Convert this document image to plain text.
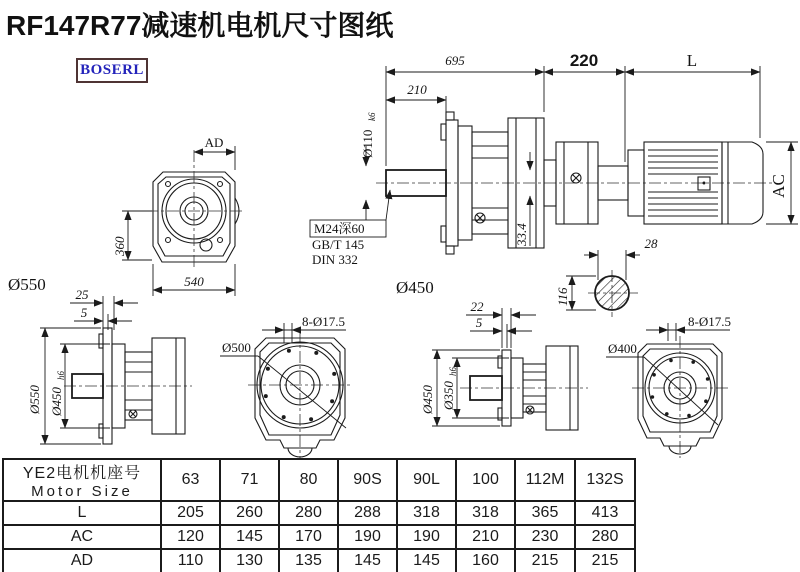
RF147R77减速机电机尺寸图纸
BOSERL
695
210
220	L
AC
Ø110
k6
M24深60
GB/T 145
DIN 332
33.4
AD
360
540
Ø550
28
116
Ø550 Ø450
h6
25
5
Ø500
8-Ø17.5
Ø450
Ø450 Ø350
h6
22
5
Ø400
8-Ø17.5
YE2电机机座号
Motor Size	63	71	80	90S	90L	100	112M	132S
L	205	260	280	288	318	318	365	413
AC	120	145	170	190	190	210	230	280
AD	110	130	135	145	145	160	215	215
